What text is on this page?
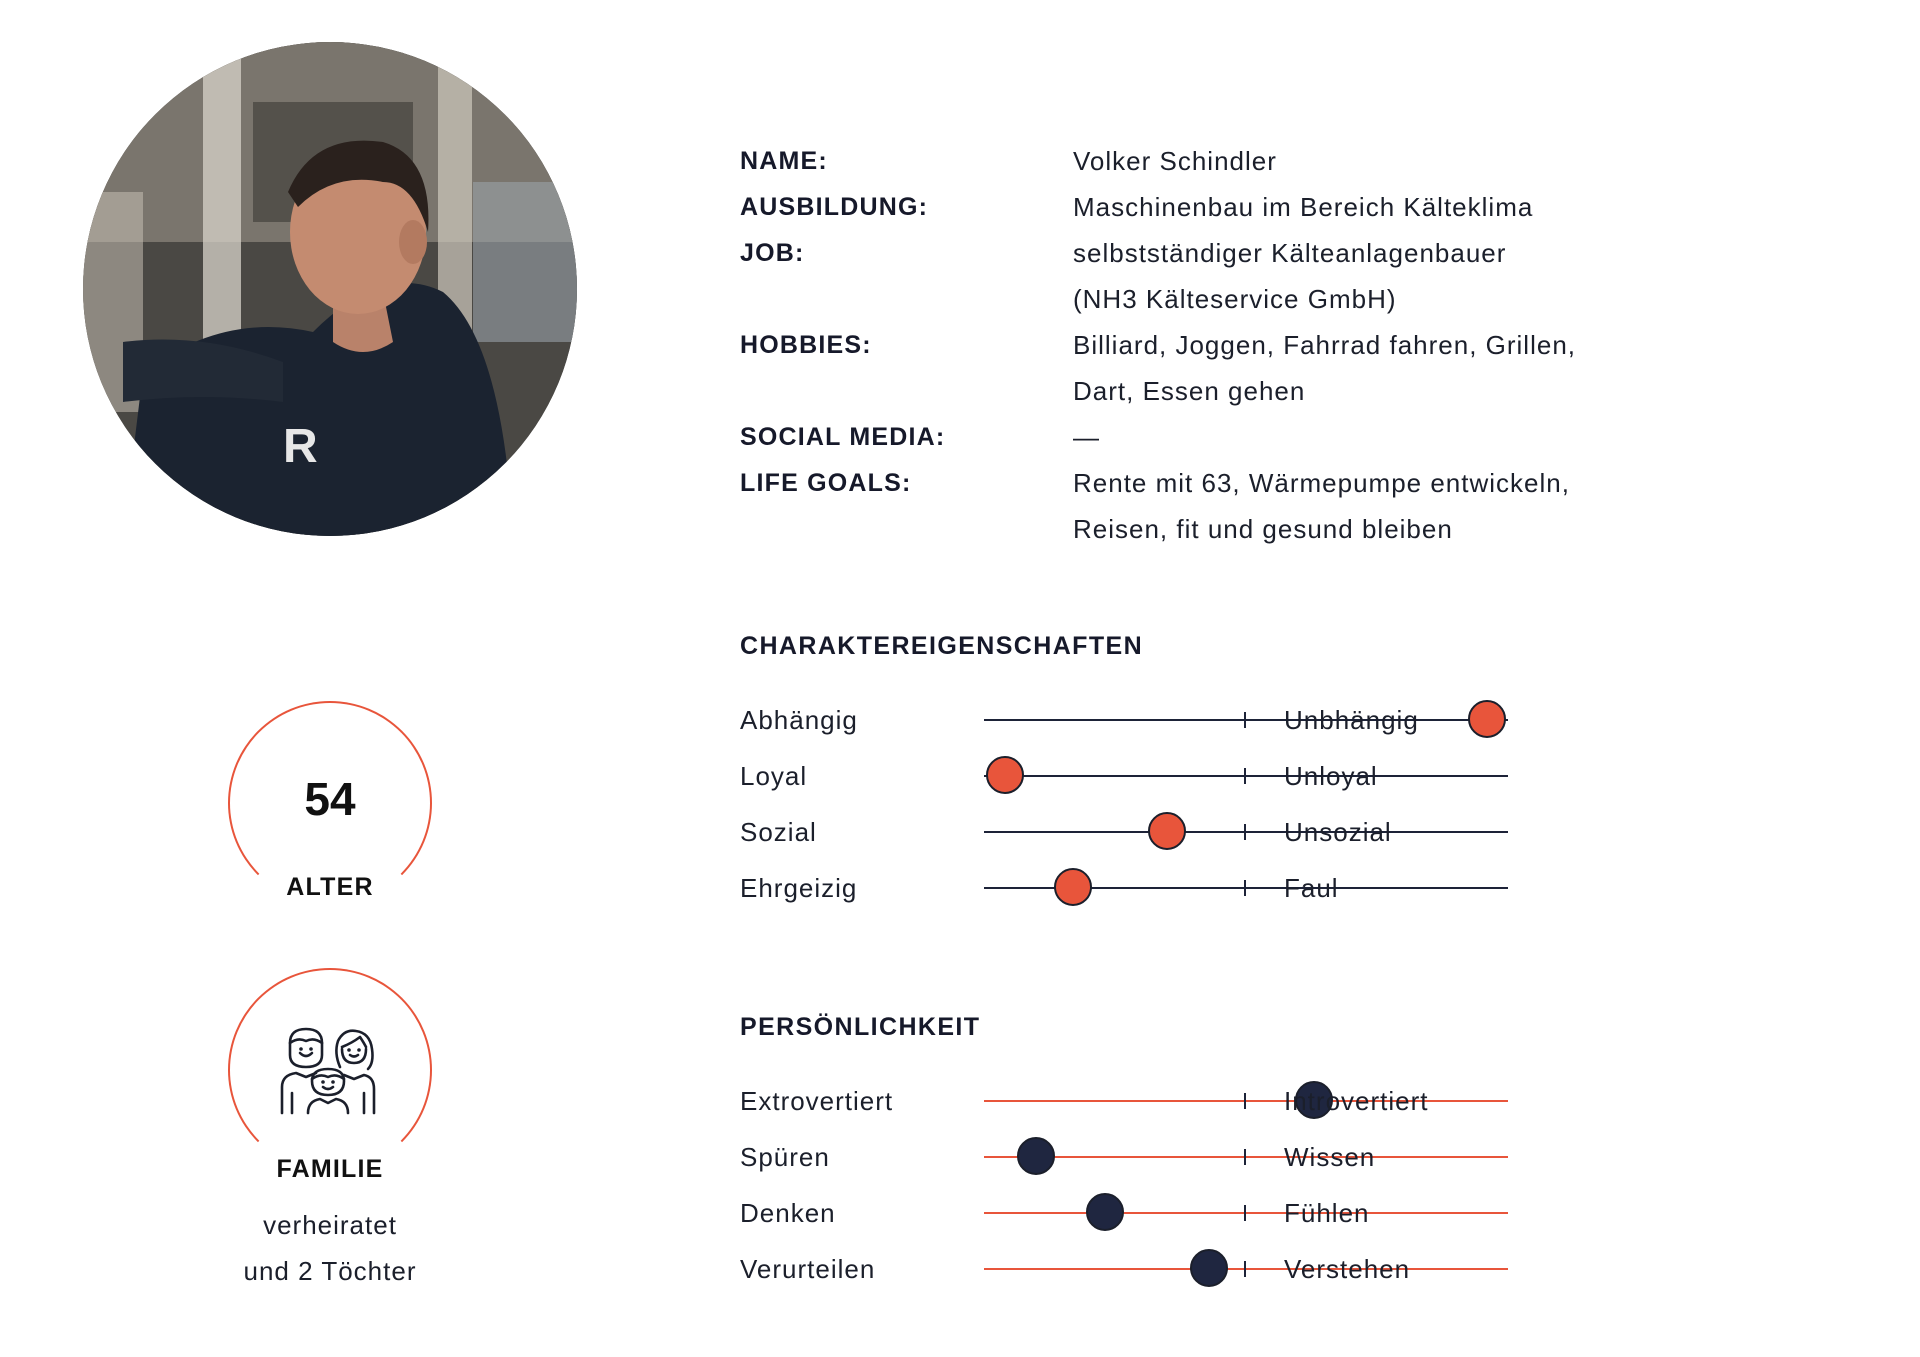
R
NAME:	Volker Schindler
AUSBILDUNG:	Maschinenbau im Bereich Kälteklima
JOB:	selbstständiger Kälteanlagenbauer
(NH3 Kälteservice GmbH)
HOBBIES:	Billiard, Joggen, Fahrrad fahren, Grillen,
Dart, Essen gehen
SOCIAL MEDIA:	—
LIFE GOALS:	Rente mit 63, Wärmepumpe entwickeln,
Reisen, fit und gesund bleiben
54
ALTER
FAMILIE
verheiratet
und 2 Töchter
CHARAKTEREIGENSCHAFTEN
Abhängig	Unbhängig
Loyal	Unloyal
Sozial	Unsozial
Ehrgeizig	Faul
PERSÖNLICHKEIT
Extrovertiert	Introvertiert
Spüren	Wissen
Denken	Fühlen
Verurteilen	Verstehen
